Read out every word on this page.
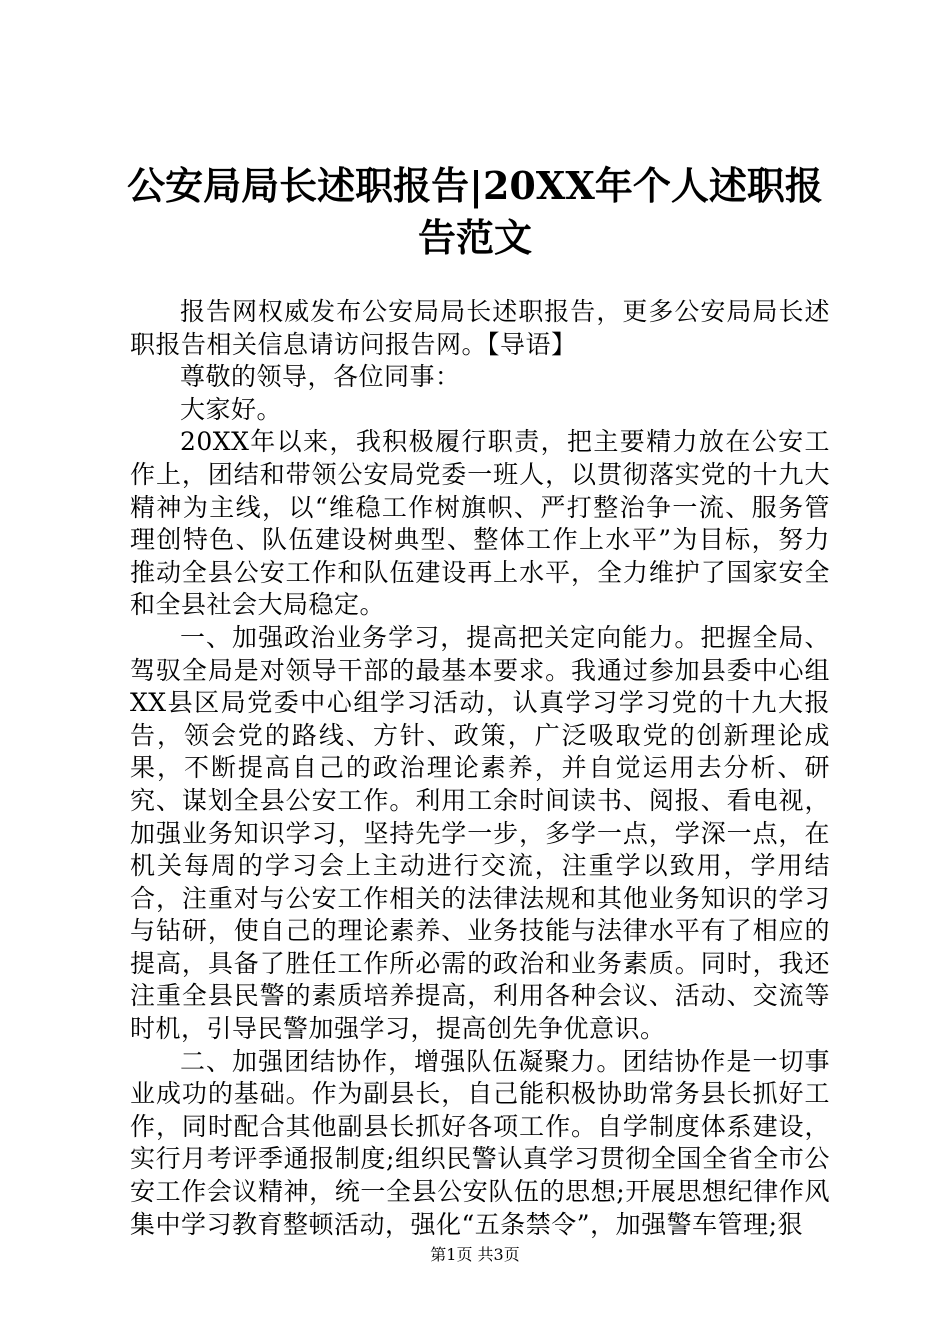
公安局局长述职报告|20XX年个人述职报告范文

报告网权威发布公安局局长述职报告，更多公安局局长述职报告相关信息请访问报告网。【导语】

尊敬的领导，各位同事：

大家好。

20XX年以来，我积极履行职责，把主要精力放在公安工作上，团结和带领公安局党委一班人，以贯彻落实党的十九大精神为主线，以“维稳工作树旗帜、严打整治争一流、服务管理创特色、队伍建设树典型、整体工作上水平”为目标，努力推动全县公安工作和队伍建设再上水平，全力维护了国家安全和全县社会大局稳定。

一、加强政治业务学习，提高把关定向能力。把握全局、驾驭全局是对领导干部的最基本要求。我通过参加县委中心组XX县区局党委中心组学习活动，认真学习学习党的十九大报告，领会党的路线、方针、政策，广泛吸取党的创新理论成果，不断提高自己的政治理论素养，并自觉运用去分析、研究、谋划全县公安工作。利用工余时间读书、阅报、看电视，加强业务知识学习，坚持先学一步，多学一点，学深一点，在机关每周的学习会上主动进行交流，注重学以致用，学用结合，注重对与公安工作相关的法律法规和其他业务知识的学习与钻研，使自己的理论素养、业务技能与法律水平有了相应的提高，具备了胜任工作所必需的政治和业务素质。同时，我还注重全县民警的素质培养提高，利用各种会议、活动、交流等时机，引导民警加强学习，提高创先争优意识。

二、加强团结协作，增强队伍凝聚力。团结协作是一切事业成功的基础。作为副县长，自己能积极协助常务县长抓好工作，同时配合其他副县长抓好各项工作。自学制度体系建设，实行月考评季通报制度;组织民警认真学习贯彻全国全省全市公安工作会议精神，统一全县公安队伍的思想;开展思想纪律作风集中学习教育整顿活动，强化“五条禁令”，加强警车管理;狠

第1页 共3页
